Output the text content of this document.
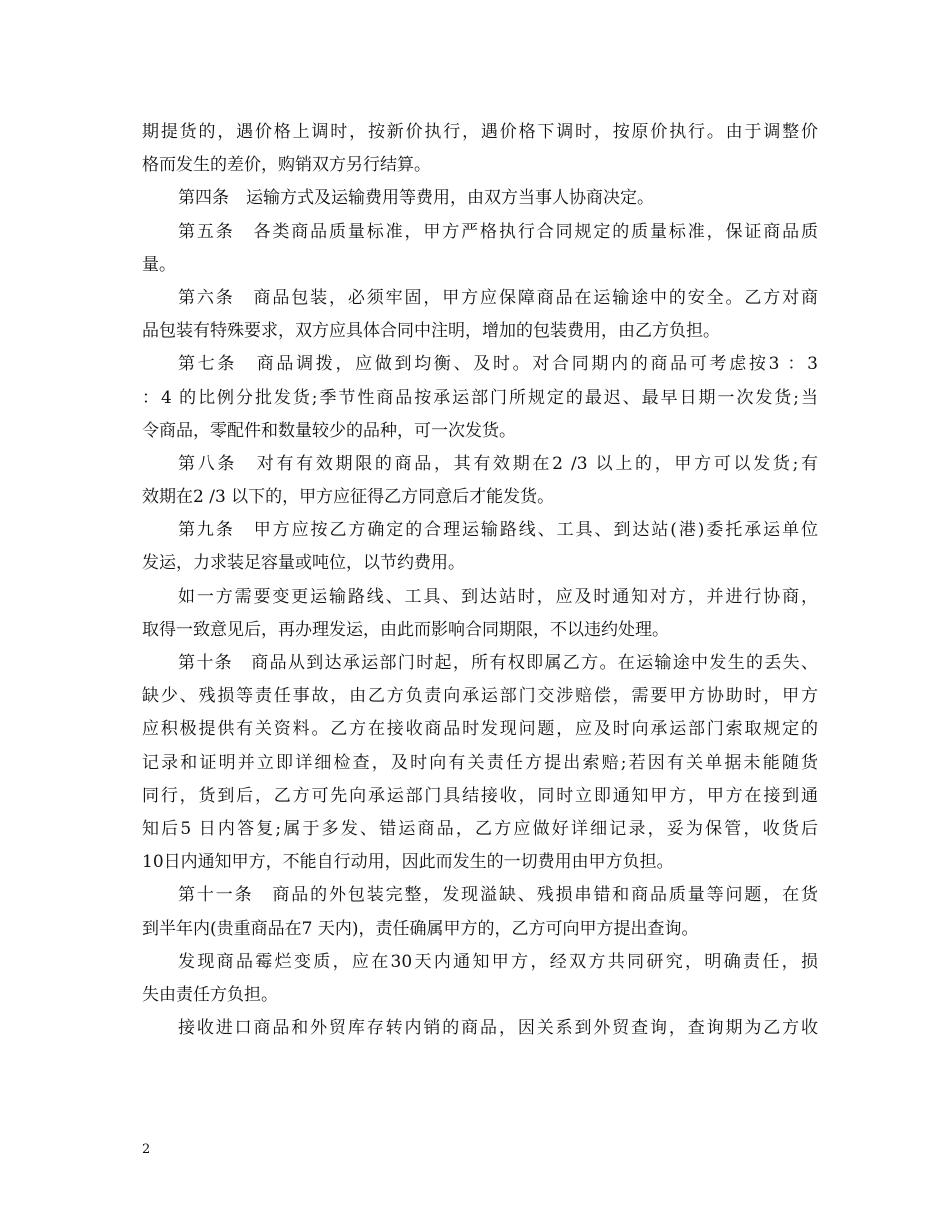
期提货的，遇价格上调时，按新价执行，遇价格下调时，按原价执行。由于调整价
格而发生的差价，购销双方另行结算。
第四条　运输方式及运输费用等费用，由双方当事人协商决定。
第五条　各类商品质量标准，甲方严格执行合同规定的质量标准，保证商品质
量。
第六条　商品包装，必须牢固，甲方应保障商品在运输途中的安全。乙方对商
品包装有特殊要求，双方应具体合同中注明，增加的包装费用，由乙方负担。
第七条　商品调拨，应做到均衡、及时。对合同期内的商品可考虑按3 ：3
：4 的比例分批发货;季节性商品按承运部门所规定的最迟、最早日期一次发货;当
令商品，零配件和数量较少的品种，可一次发货。
第八条　对有有效期限的商品，其有效期在2 /3 以上的，甲方可以发货;有
效期在2 /3 以下的，甲方应征得乙方同意后才能发货。
第九条　甲方应按乙方确定的合理运输路线、工具、到达站(港)委托承运单位
发运，力求装足容量或吨位，以节约费用。
如一方需要变更运输路线、工具、到达站时，应及时通知对方，并进行协商，
取得一致意见后，再办理发运，由此而影响合同期限，不以违约处理。
第十条　商品从到达承运部门时起，所有权即属乙方。在运输途中发生的丢失、
缺少、残损等责任事故，由乙方负责向承运部门交涉赔偿，需要甲方协助时，甲方
应积极提供有关资料。乙方在接收商品时发现问题，应及时向承运部门索取规定的
记录和证明并立即详细检查，及时向有关责任方提出索赔;若因有关单据未能随货
同行，货到后，乙方可先向承运部门具结接收，同时立即通知甲方，甲方在接到通
知后5 日内答复;属于多发、错运商品，乙方应做好详细记录，妥为保管，收货后
10日内通知甲方，不能自行动用，因此而发生的一切费用由甲方负担。
第十一条　商品的外包装完整，发现溢缺、残损串错和商品质量等问题，在货
到半年内(贵重商品在7 天内)，责任确属甲方的，乙方可向甲方提出查询。
发现商品霉烂变质，应在30天内通知甲方，经双方共同研究，明确责任，损
失由责任方负担。
接收进口商品和外贸库存转内销的商品，因关系到外贸查询，查询期为乙方收
2
